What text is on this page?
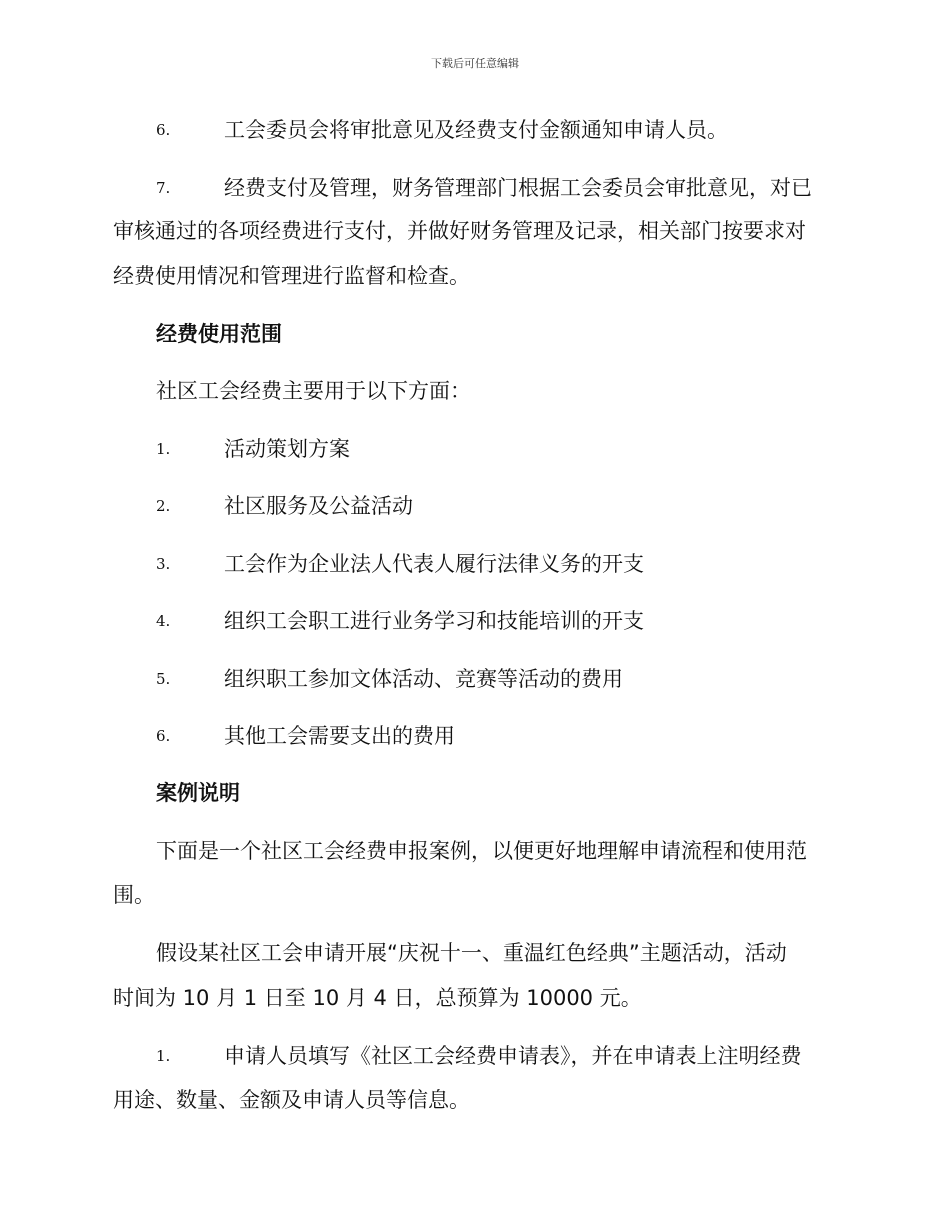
下载后可任意编辑
6.	工会委员会将审批意见及经费支付金额通知申请人员。
7.	经费支付及管理，财务管理部门根据工会委员会审批意见，对已
审核通过的各项经费进行支付，并做好财务管理及记录，相关部门按要求对
经费使用情况和管理进行监督和检查。
经费使用范围
社区工会经费主要用于以下方面：
1.	活动策划方案
2.	社区服务及公益活动
3.	工会作为企业法人代表人履行法律义务的开支
4.	组织工会职工进行业务学习和技能培训的开支
5.	组织职工参加文体活动、竞赛等活动的费用
6.	其他工会需要支出的费用
案例说明
下面是一个社区工会经费申报案例，以便更好地理解申请流程和使用范
围。
假设某社区工会申请开展“庆祝十一、重温红色经典”主题活动，活动
时间为 10 月 1 日至 10 月 4 日，总预算为 10000 元。
1.	申请人员填写《社区工会经费申请表》，并在申请表上注明经费
用途、数量、金额及申请人员等信息。
